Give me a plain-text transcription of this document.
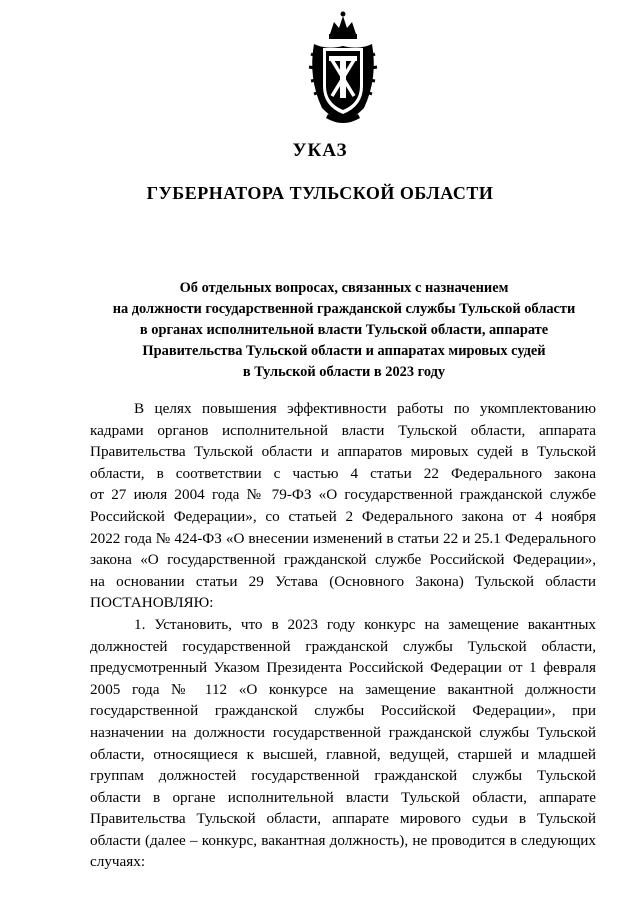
УКАЗ
ГУБЕРНАТОРА ТУЛЬСКОЙ ОБЛАСТИ
Об отдельных вопросах, связанных с назначением
на должности государственной гражданской службы Тульской области
в органах исполнительной власти Тульской области, аппарате
Правительства Тульской области и аппаратах мировых судей
в Тульской области в 2023 году
В целях повышения эффективности работы по укомплектованию
кадрами органов исполнительной власти Тульской области, аппарата
Правительства Тульской области и аппаратов мировых судей в Тульской
области, в соответствии с частью 4 статьи 22 Федерального закона
от 27 июля 2004 года № 79-ФЗ «О государственной гражданской службе
Российской Федерации», со статьей 2 Федерального закона от 4 ноября
2022 года № 424-ФЗ «О внесении изменений в статьи 22 и 25.1 Федерального
закона «О государственной гражданской службе Российской Федерации»,
на основании статьи 29 Устава (Основного Закона) Тульской области
ПОСТАНОВЛЯЮ:
1. Установить, что в 2023 году конкурс на замещение вакантных
должностей государственной гражданской службы Тульской области,
предусмотренный Указом Президента Российской Федерации от 1 февраля
2005 года № 112 «О конкурсе на замещение вакантной должности
государственной гражданской службы Российской Федерации», при
назначении на должности государственной гражданской службы Тульской
области, относящиеся к высшей, главной, ведущей, старшей и младшей
группам должностей государственной гражданской службы Тульской
области в органе исполнительной власти Тульской области, аппарате
Правительства Тульской области, аппарате мирового судьи в Тульской
области (далее – конкурс, вакантная должность), не проводится в следующих
случаях:
